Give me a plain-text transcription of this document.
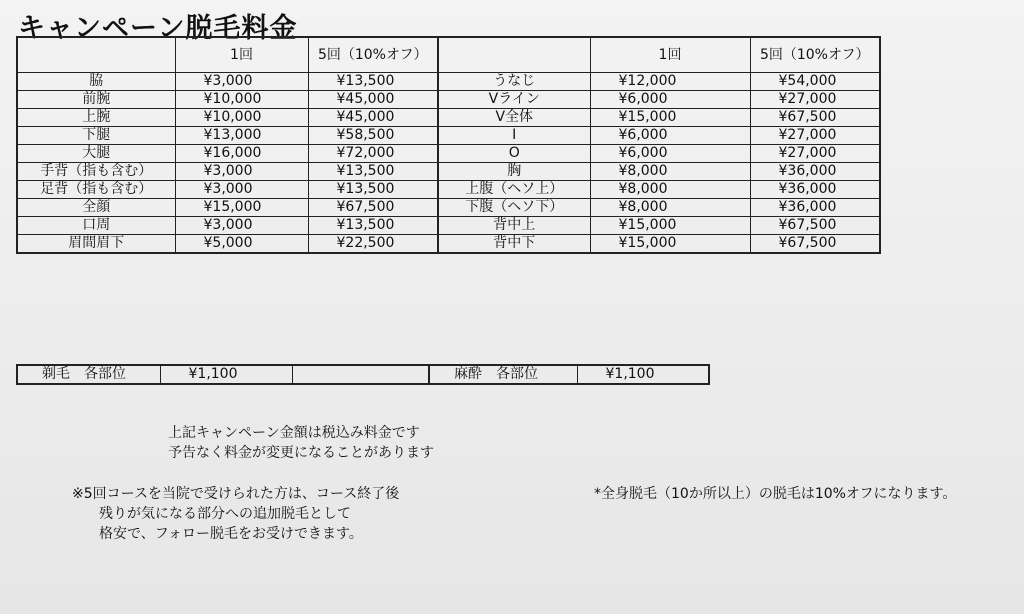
キャンペーン脱毛料金
	1回	5回（10%オフ）		1回	5回（10%オフ）
脇	¥3,000	¥13,500	うなじ	¥12,000	¥54,000
前腕	¥10,000	¥45,000	Vライン	¥6,000	¥27,000
上腕	¥10,000	¥45,000	V全体	¥15,000	¥67,500
下腿	¥13,000	¥58,500	I	¥6,000	¥27,000
大腿	¥16,000	¥72,000	O	¥6,000	¥27,000
手背（指も含む）	¥3,000	¥13,500	胸	¥8,000	¥36,000
足背（指も含む）	¥3,000	¥13,500	上腹（ヘソ上）	¥8,000	¥36,000
全顔	¥15,000	¥67,500	下腹（ヘソ下）	¥8,000	¥36,000
口周	¥3,000	¥13,500	背中上	¥15,000	¥67,500
眉間眉下	¥5,000	¥22,500	背中下	¥15,000	¥67,500
剃毛　各部位	¥1,100		麻酔　各部位	¥1,100
上記キャンペーン金額は税込み料金です
予告なく料金が変更になることがあります
※5回コースを当院で受けられた方は、コース終了後
残りが気になる部分への追加脱毛として
格安で、フォロー脱毛をお受けできます。
*全身脱毛（10か所以上）の脱毛は10%オフになります。
